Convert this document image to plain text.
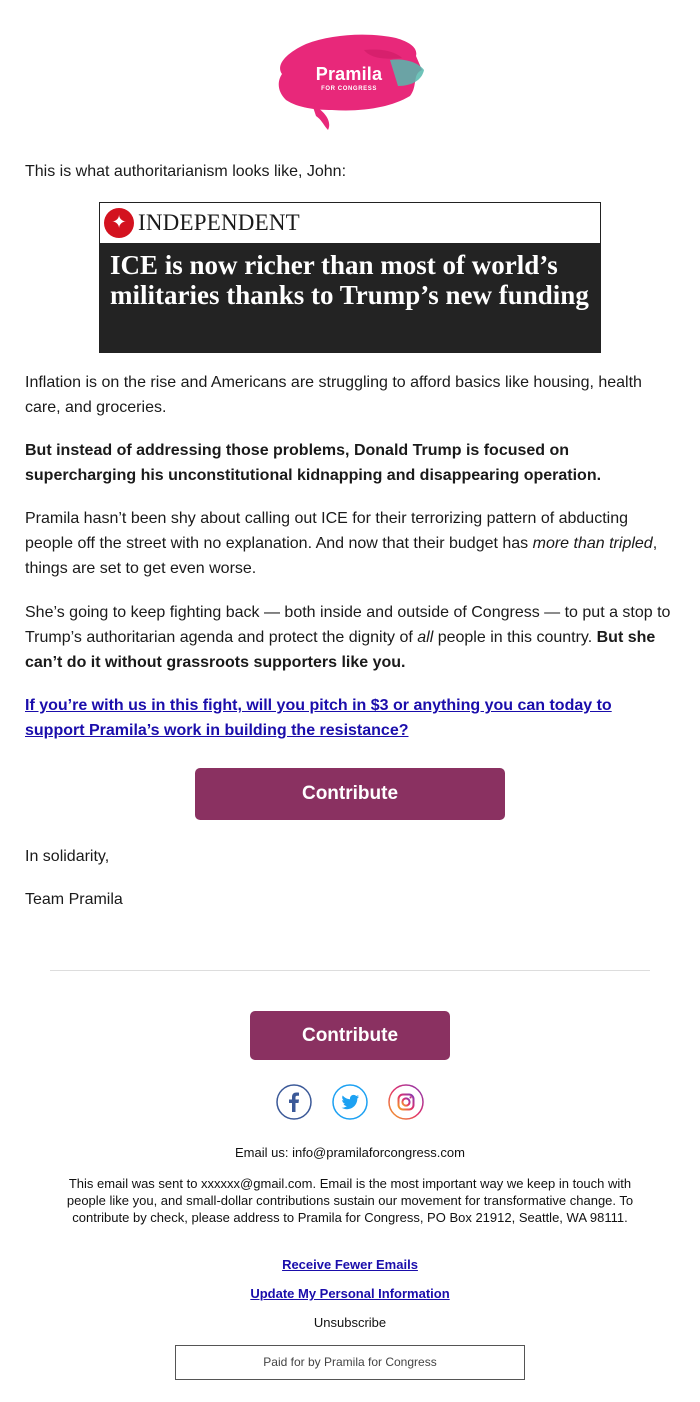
Pramila
FOR CONGRESS

This is what authoritarianism looks like, John:

✦ INDEPENDENT
ICE is now richer than most of world’s militaries thanks to Trump’s new funding

Inflation is on the rise and Americans are struggling to afford basics like housing, health care, and groceries.

But instead of addressing those problems, Donald Trump is focused on supercharging his unconstitutional kidnapping and disappearing operation.

Pramila hasn’t been shy about calling out ICE for their terrorizing pattern of abducting people off the street with no explanation. And now that their budget has more than tripled, things are set to get even worse.

She’s going to keep fighting back — both inside and outside of Congress — to put a stop to Trump’s authoritarian agenda and protect the dignity of all people in this country. But she can’t do it without grassroots supporters like you.

If you’re with us in this fight, will you pitch in $3 or anything you can today to support Pramila’s work in building the resistance?
Contribute

In solidarity,

Team Pramila

Contribute
Email us: info@pramilaforcongress.com
This email was sent to xxxxxx@gmail.com. Email is the most important way we keep in touch with people like you, and small-dollar contributions sustain our movement for transformative change. To contribute by check, please address to Pramila for Congress, PO Box 21912, Seattle, WA 98111.
Receive Fewer Emails
Update My Personal Information
Unsubscribe
Paid for by Pramila for Congress
